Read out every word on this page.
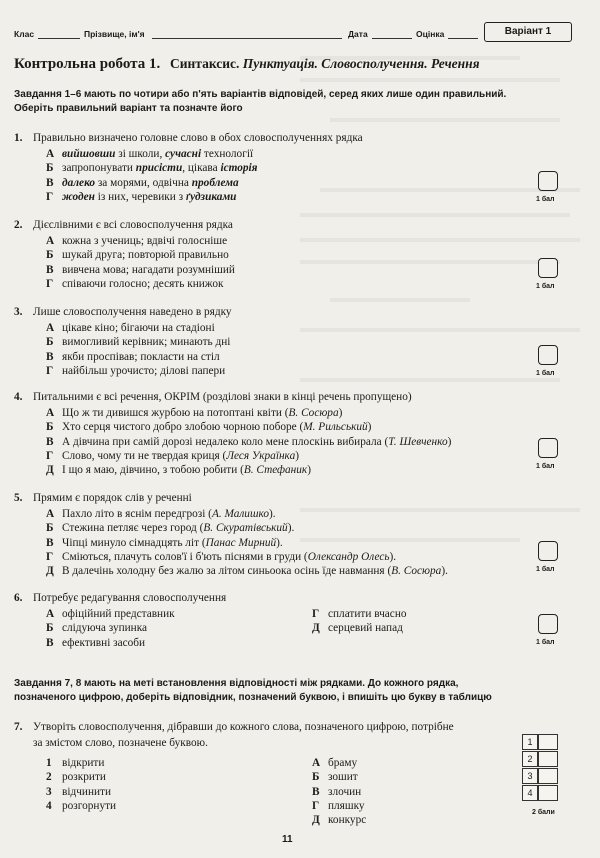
Клас	Прізвище, ім'я	Дата	Оцінка	Варіант 1
Контрольна робота 1. Синтаксис. Пунктуація. Словосполучення. Речення
Завдання 1–6 мають по чотири або п'ять варіантів відповідей, серед яких лише один правильний.
Оберіть правильний варіант та позначте його
1. Правильно визначено головне слово в обох словосполученнях рядка
А вийшовши зі школи, сучасні технології
Б запропонувати присісти, цікава історія
В далеко за морями, одвічна проблема
Г жоден із них, черевики з ґудзиками	1 бал
2. Дієслівними є всі словосполучення рядка
А кожна з учениць; вдвічі голосніше
Б шукай друга; повторюй правильно
В вивчена мова; нагадати розумніший
Г співаючи голосно; десять книжок	1 бал
3. Лише словосполучення наведено в рядку
А цікаве кіно; бігаючи на стадіоні
Б вимогливий керівник; минають дні
В якби проспівав; покласти на стіл
Г найбільш урочисто; ділові папери	1 бал
4. Питальними є всі речення, ОКРІМ (розділові знаки в кінці речень пропущено)
А Що ж ти дивишся журбою на потоптані квіти (В. Сосюра)
Б Хто серця чистого добро злобою чорною поборе (М. Рильський)
В А дівчина при самій дорозі недалеко коло мене плоскінь вибирала (Т. Шевченко)
Г Слово, чому ти не твердая криця (Леся Українка)
Д І що я маю, дівчино, з тобою робити (В. Стефаник)	1 бал
5. Прямим є порядок слів у реченні
А Пахло літо в яснім передгрозі (А. Малишко).
Б Стежина петляє через город (В. Скуратівський).
В Чіпці минуло сімнадцять літ (Панас Мирний).
Г Сміються, плачуть солов'ї і б'ють піснями в груди (Олександр Олесь).
Д В далечінь холодну без жалю за літом синьоока осінь їде навмання (В. Сосюра).	1 бал
6. Потребує редагування словосполучення
А офіційний представник	Г сплатити вчасно
Б слідуюча зупинка	Д серцевий напад
В ефективні засоби	1 бал
Завдання 7, 8 мають на меті встановлення відповідності між рядками. До кожного рядка,
позначеного цифрою, доберіть відповідник, позначений буквою, і впишіть цю букву в таблицю
7. Утворіть словосполучення, дібравши до кожного слова, позначеного цифрою, потрібне
за змістом слово, позначене буквою.
1 відкрити	А браму
2 розкрити	Б зошит
3 відчинити	В злочин
4 розгорнути	Г пляшку
Д конкурс
1
2
3
4
2 бали
11
